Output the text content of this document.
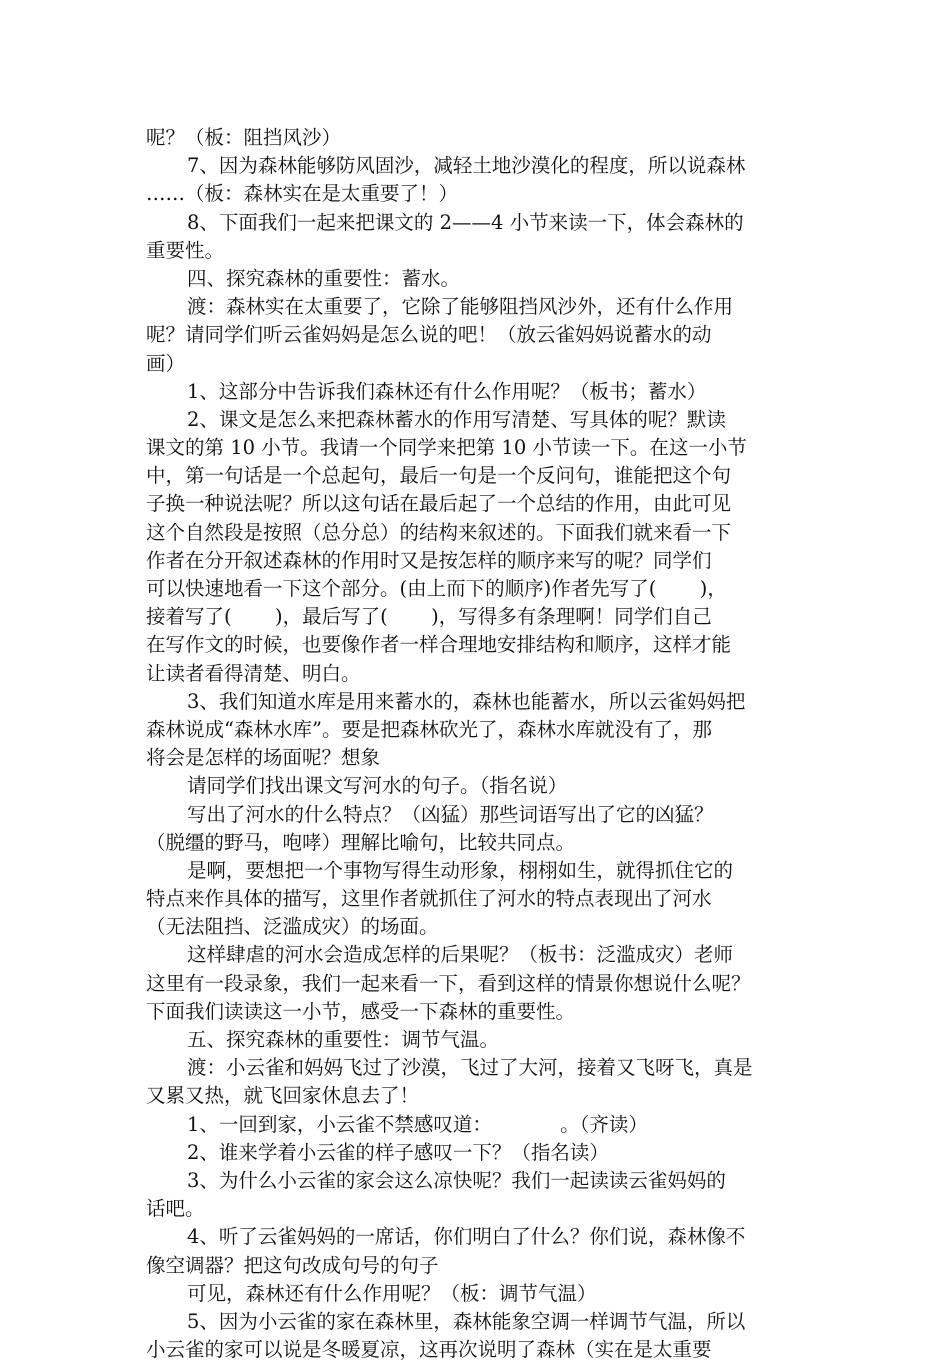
呢？（板：阻挡风沙）
7、因为森林能够防风固沙，减轻土地沙漠化的程度，所以说森林
……（板：森林实在是太重要了！）
8、下面我们一起来把课文的 2——4 小节来读一下，体会森林的
重要性。
四、探究森林的重要性：蓄水。
渡：森林实在太重要了，它除了能够阻挡风沙外，还有什么作用
呢？请同学们听云雀妈妈是怎么说的吧！（放云雀妈妈说蓄水的动
画）
1、这部分中告诉我们森林还有什么作用呢？（板书；蓄水）
2、课文是怎么来把森林蓄水的作用写清楚、写具体的呢？默读
课文的第 10 小节。我请一个同学来把第 10 小节读一下。在这一小节
中，第一句话是一个总起句，最后一句是一个反问句，谁能把这个句
子换一种说法呢？所以这句话在最后起了一个总结的作用，由此可见
这个自然段是按照（总分总）的结构来叙述的。下面我们就来看一下
作者在分开叙述森林的作用时又是按怎样的顺序来写的呢？同学们
可以快速地看一下这个部分。(由上而下的顺序)作者先写了(       )，
接着写了(       )，最后写了(       )，写得多有条理啊！同学们自己
在写作文的时候，也要像作者一样合理地安排结构和顺序，这样才能
让读者看得清楚、明白。
3、我们知道水库是用来蓄水的，森林也能蓄水，所以云雀妈妈把
森林说成“森林水库”。要是把森林砍光了，森林水库就没有了，那
将会是怎样的场面呢？想象
请同学们找出课文写河水的句子。（指名说）
写出了河水的什么特点？（凶猛）那些词语写出了它的凶猛？
（脱缰的野马，咆哮）理解比喻句，比较共同点。
是啊，要想把一个事物写得生动形象，栩栩如生，就得抓住它的
特点来作具体的描写，这里作者就抓住了河水的特点表现出了河水
（无法阻挡、泛滥成灾）的场面。
这样肆虐的河水会造成怎样的后果呢？（板书：泛滥成灾）老师
这里有一段录象，我们一起来看一下，看到这样的情景你想说什么呢？
下面我们读读这一小节，感受一下森林的重要性。
五、探究森林的重要性：调节气温。
渡：小云雀和妈妈飞过了沙漠，飞过了大河，接着又飞呀飞，真是
又累又热，就飞回家休息去了！
1、一回到家，小云雀不禁感叹道：           。（齐读）
2、谁来学着小云雀的样子感叹一下？（指名读）
3、为什么小云雀的家会这么凉快呢？我们一起读读云雀妈妈的
话吧。
4、听了云雀妈妈的一席话，你们明白了什么？你们说，森林像不
像空调器？把这句改成句号的句子
可见，森林还有什么作用呢？（板：调节气温）
5、因为小云雀的家在森林里，森林能象空调一样调节气温，所以
小云雀的家可以说是冬暖夏凉，这再次说明了森林（实在是太重要
